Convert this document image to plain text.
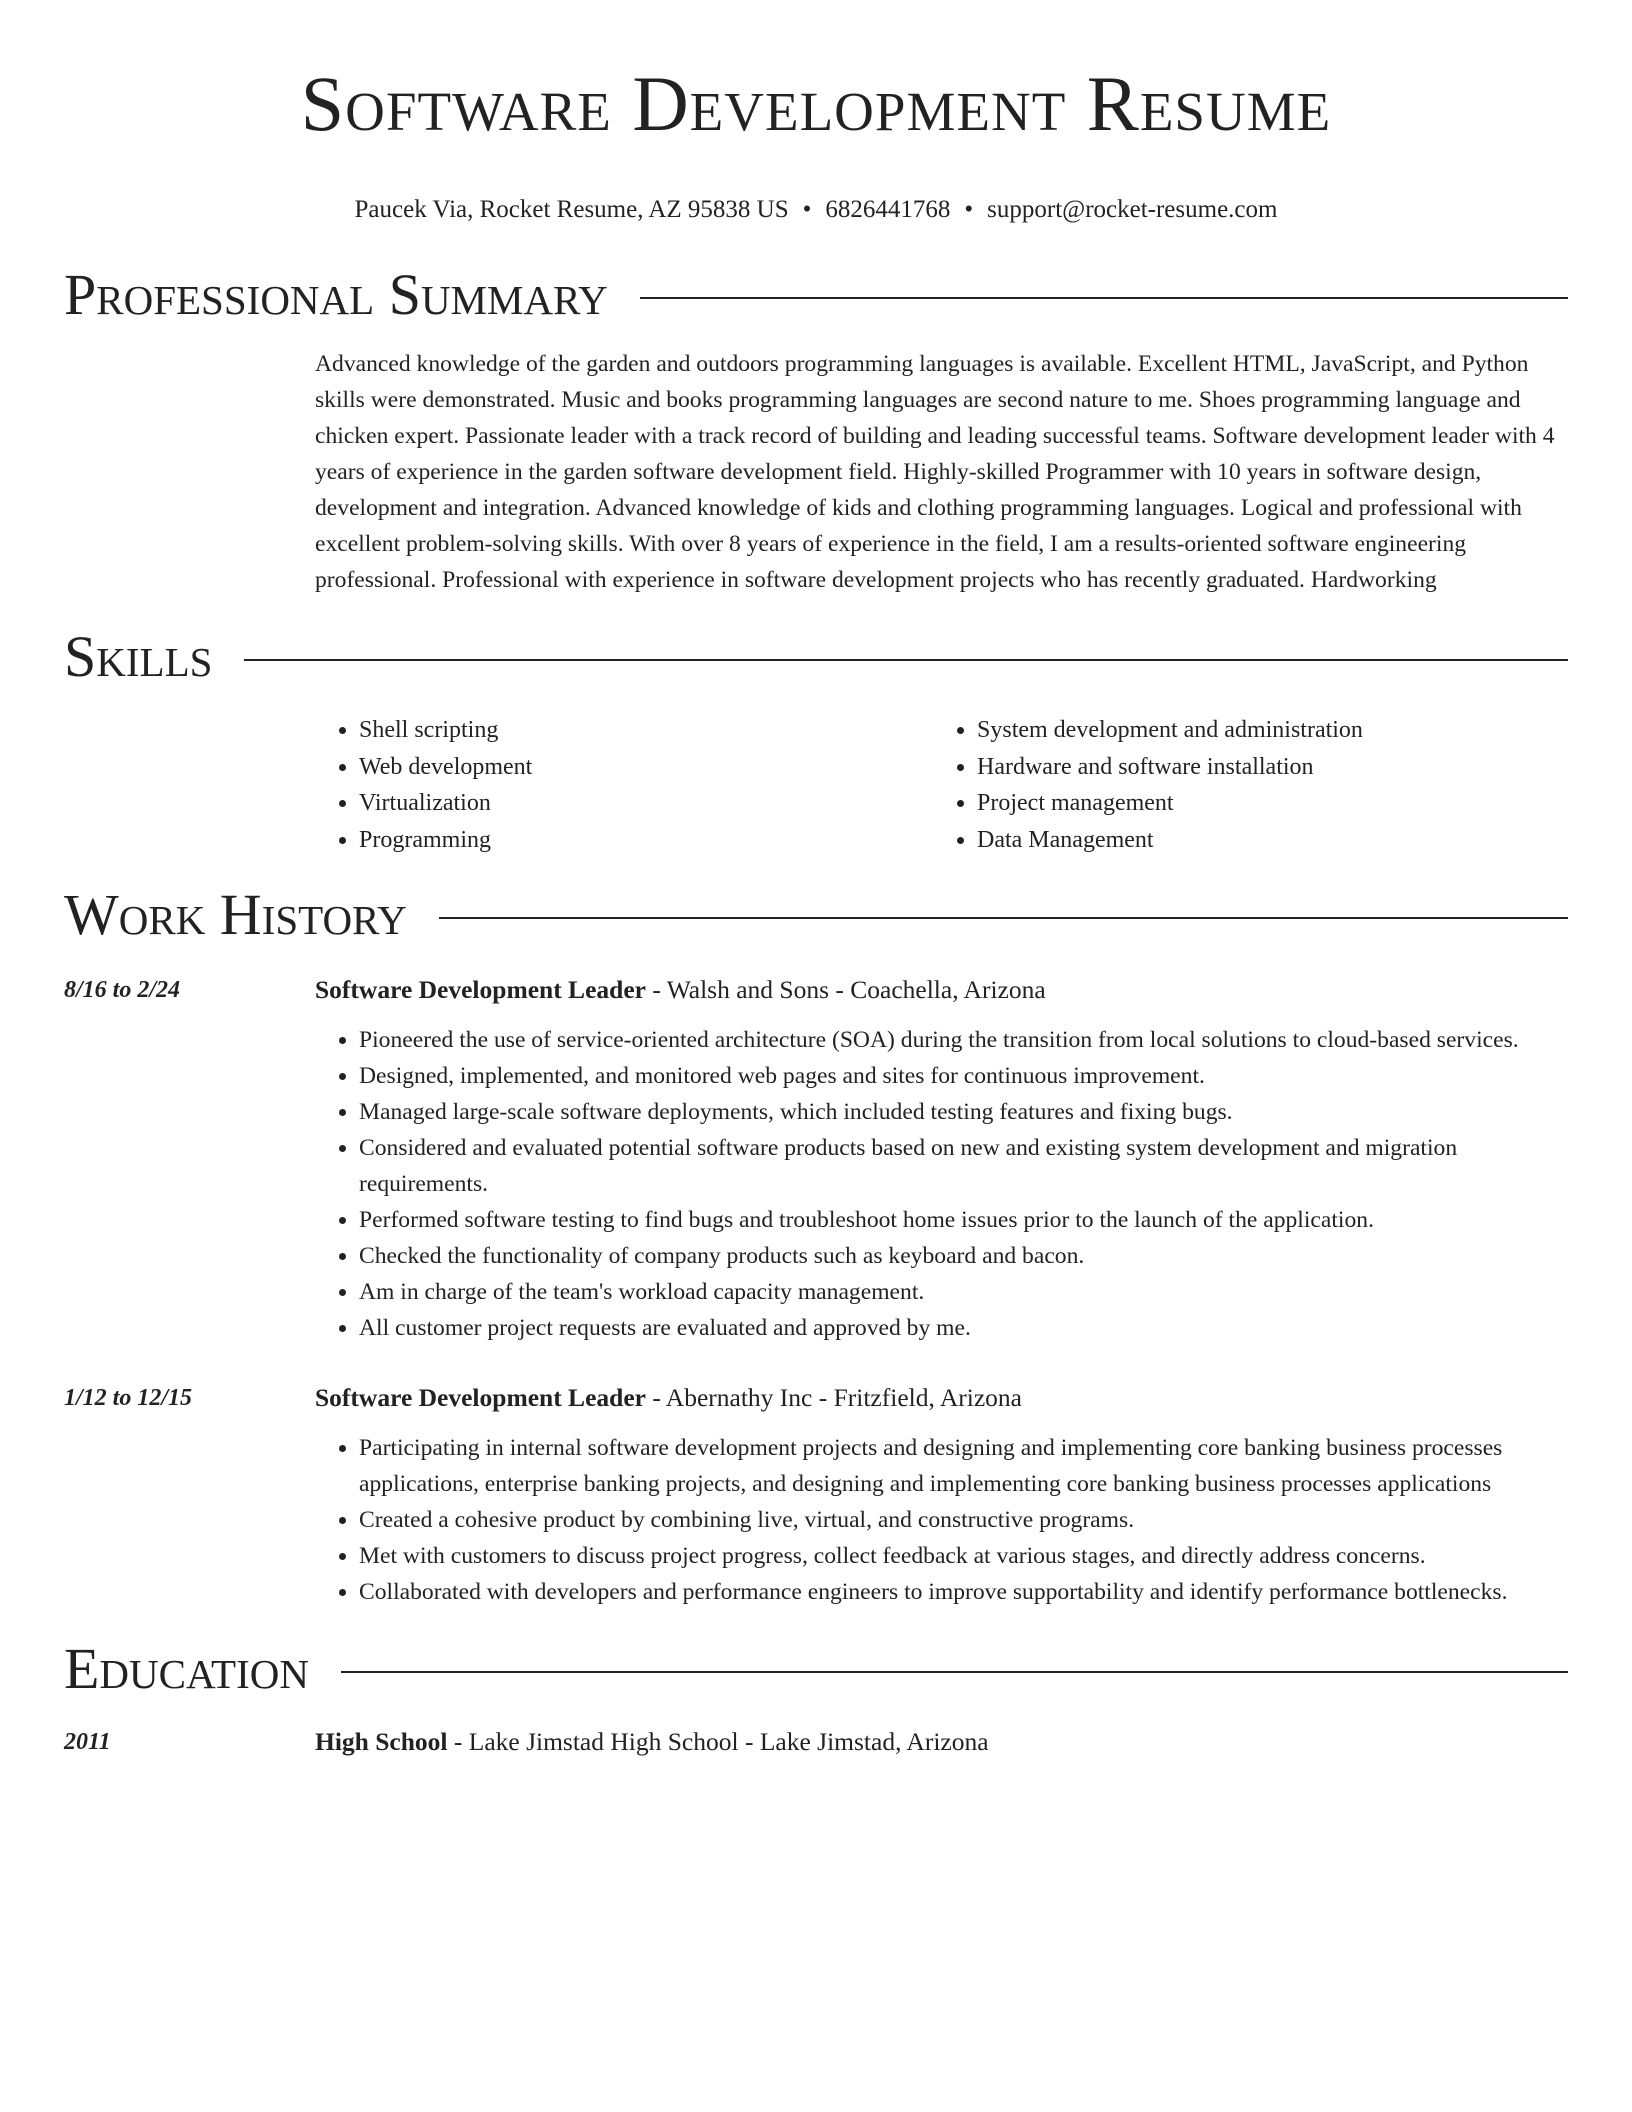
Software Development Resume
Paucek Via, Rocket Resume, AZ 95838 US • 6826441768 • support@rocket-resume.com
Professional Summary
Advanced knowledge of the garden and outdoors programming languages is available. Excellent HTML, JavaScript, and Python skills were demonstrated. Music and books programming languages are second nature to me. Shoes programming language and chicken expert. Passionate leader with a track record of building and leading successful teams. Software development leader with 4 years of experience in the garden software development field. Highly-skilled Programmer with 10 years in software design, development and integration. Advanced knowledge of kids and clothing programming languages. Logical and professional with excellent problem-solving skills. With over 8 years of experience in the field, I am a results-oriented software engineering professional. Professional with experience in software development projects who has recently graduated. Hardworking
Skills
• Shell scripting
• Web development
• Virtualization
• Programming
• System development and administration
• Hardware and software installation
• Project management
• Data Management
Work History
8/16 to 2/24	Software Development Leader - Walsh and Sons - Coachella, Arizona
• Pioneered the use of service-oriented architecture (SOA) during the transition from local solutions to cloud-based services.
• Designed, implemented, and monitored web pages and sites for continuous improvement.
• Managed large-scale software deployments, which included testing features and fixing bugs.
• Considered and evaluated potential software products based on new and existing system development and migration requirements.
• Performed software testing to find bugs and troubleshoot home issues prior to the launch of the application.
• Checked the functionality of company products such as keyboard and bacon.
• Am in charge of the team's workload capacity management.
• All customer project requests are evaluated and approved by me.
1/12 to 12/15	Software Development Leader - Abernathy Inc - Fritzfield, Arizona
• Participating in internal software development projects and designing and implementing core banking business processes applications, enterprise banking projects, and designing and implementing core banking business processes applications
• Created a cohesive product by combining live, virtual, and constructive programs.
• Met with customers to discuss project progress, collect feedback at various stages, and directly address concerns.
• Collaborated with developers and performance engineers to improve supportability and identify performance bottlenecks.
Education
2011	High School - Lake Jimstad High School - Lake Jimstad, Arizona
